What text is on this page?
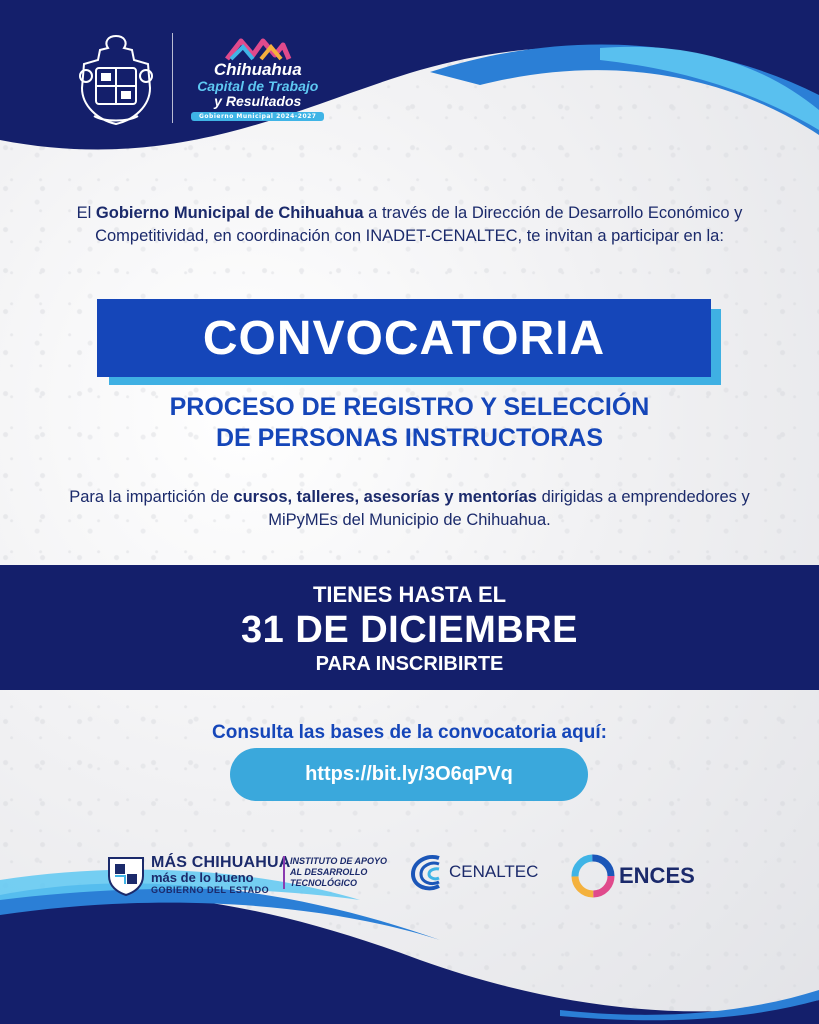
Chihuahua
Capital de Trabajo
y Resultados
Gobierno Municipal 2024-2027
El Gobierno Municipal de Chihuahua a través de la Dirección de Desarrollo Económico y Competitividad, en coordinación con INADET-CENALTEC, te invitan a participar en la:
CONVOCATORIA
PROCESO DE REGISTRO Y SELECCIÓN
DE PERSONAS INSTRUCTORAS
Para la impartición de cursos, talleres, asesorías y mentorías dirigidas a emprendedores y MiPyMEs del Municipio de Chihuahua.
TIENES HASTA EL
31 DE DICIEMBRE
PARA INSCRIBIRTE
Consulta las bases de la convocatoria aquí:
https://bit.ly/3O6qPVq
MÁS CHIHUAHUA
más de lo bueno
GOBIERNO DEL ESTADO
INSTITUTO DE APOYO
AL DESARROLLO
TECNOLÓGICO
CENALTEC	ENCES
